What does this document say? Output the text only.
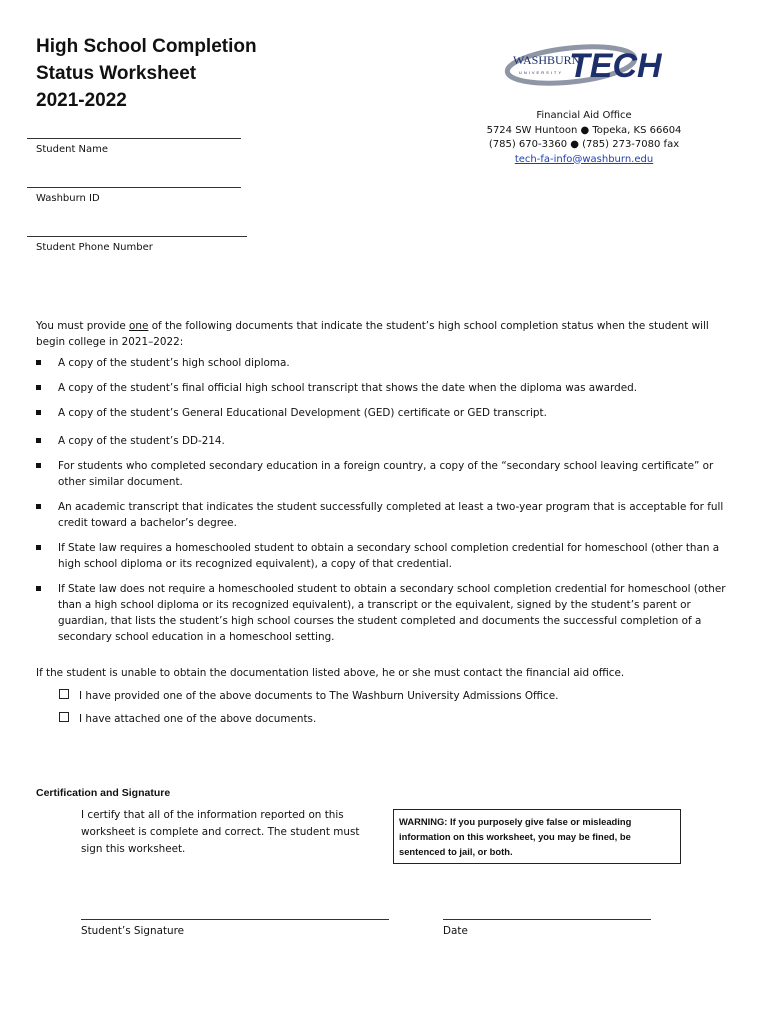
High School Completion
Status Worksheet
2021-2022
WASHBURN
UNIVERSITY TECH
Financial Aid Office
5724 SW Huntoon ● Topeka, KS 66604
(785) 670-3360 ● (785) 273-7080 fax
tech-fa-info@washburn.edu
Student Name
Washburn ID
Student Phone Number
You must provide one of the following documents that indicate the student’s high school completion status when the student will begin college in 2021–2022:
A copy of the student’s high school diploma.
A copy of the student’s final official high school transcript that shows the date when the diploma was awarded.
A copy of the student’s General Educational Development (GED) certificate or GED transcript.
A copy of the student’s DD-214.
For students who completed secondary education in a foreign country, a copy of the “secondary school leaving certificate” or other similar document.
An academic transcript that indicates the student successfully completed at least a two-year program that is acceptable for full credit toward a bachelor’s degree.
If State law requires a homeschooled student to obtain a secondary school completion credential for homeschool (other than a high school diploma or its recognized equivalent), a copy of that credential.
If State law does not require a homeschooled student to obtain a secondary school completion credential for homeschool (other than a high school diploma or its recognized equivalent), a transcript or the equivalent, signed by the student’s parent or guardian, that lists the student’s high school courses the student completed and documents the successful completion of a secondary school education in a homeschool setting.
If the student is unable to obtain the documentation listed above, he or she must contact the financial aid office.
I have provided one of the above documents to The Washburn University Admissions Office.
I have attached one of the above documents.
Certification and Signature
I certify that all of the information reported on this worksheet is complete and correct. The student must sign this worksheet.
WARNING: If you purposely give false or misleading information on this worksheet, you may be fined, be sentenced to jail, or both.
Student’s Signature	Date
